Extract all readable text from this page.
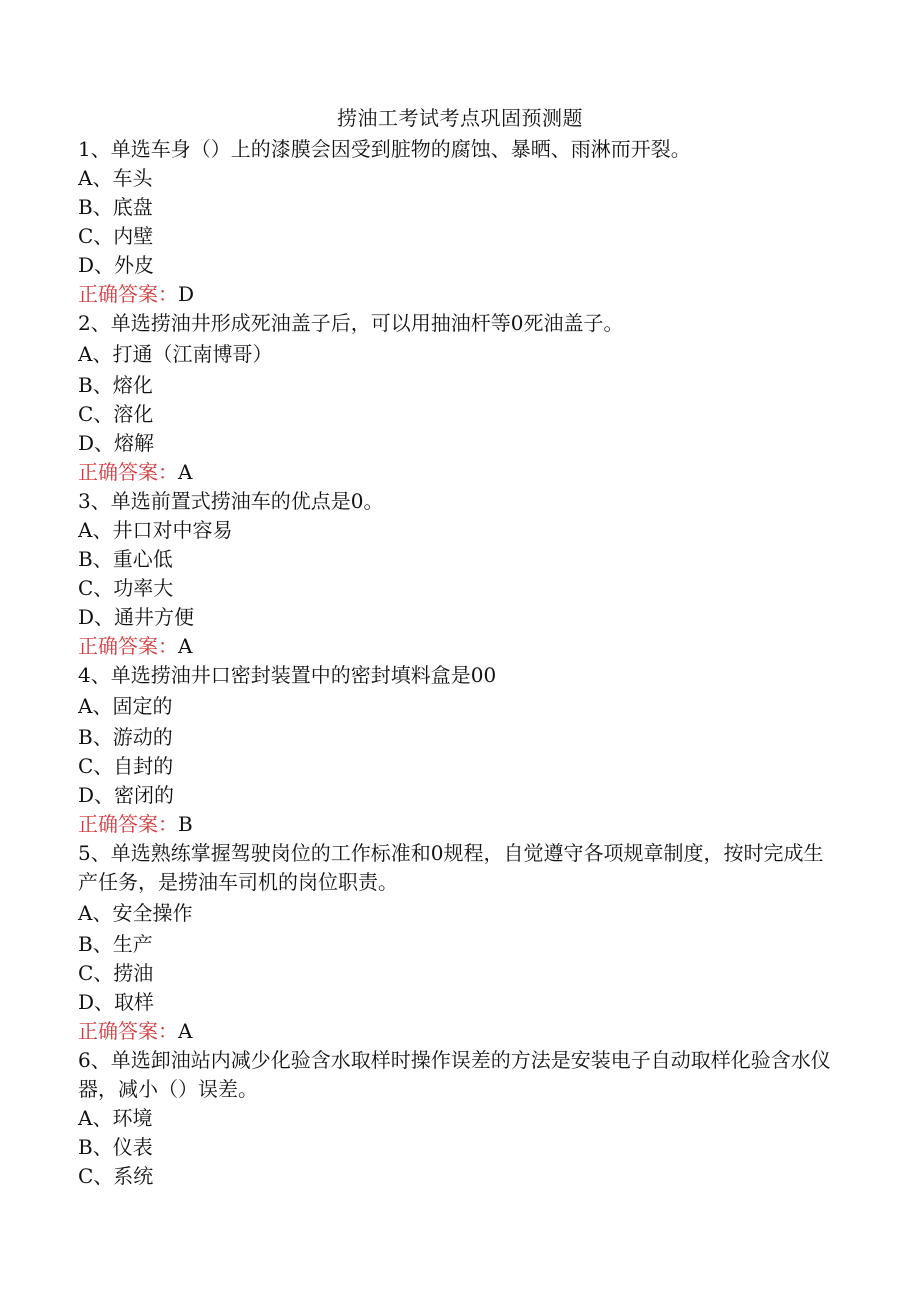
捞油工考试考点巩固预测题

1、单选车身（）上的漆膜会因受到脏物的腐蚀、暴晒、雨淋而开裂。

A、车头

B、底盘

C、内壁

D、外皮

正确答案：D

2、单选捞油井形成死油盖子后，可以用抽油杆等0死油盖子。

A、打通（江南博哥）

B、熔化

C、溶化

D、熔解

正确答案：A

3、单选前置式捞油车的优点是0。

A、井口对中容易

B、重心低

C、功率大

D、通井方便

正确答案：A

4、单选捞油井口密封装置中的密封填料盒是00

A、固定的

B、游动的

C、自封的

D、密闭的

正确答案：B

5、单选熟练掌握驾驶岗位的工作标准和0规程，自觉遵守各项规章制度，按时完成生产任务，是捞油车司机的岗位职责。

A、安全操作

B、生产

C、捞油

D、取样

正确答案：A

6、单选卸油站内减少化验含水取样时操作误差的方法是安装电子自动取样化验含水仪器，减小（）误差。

A、环境

B、仪表

C、系统
